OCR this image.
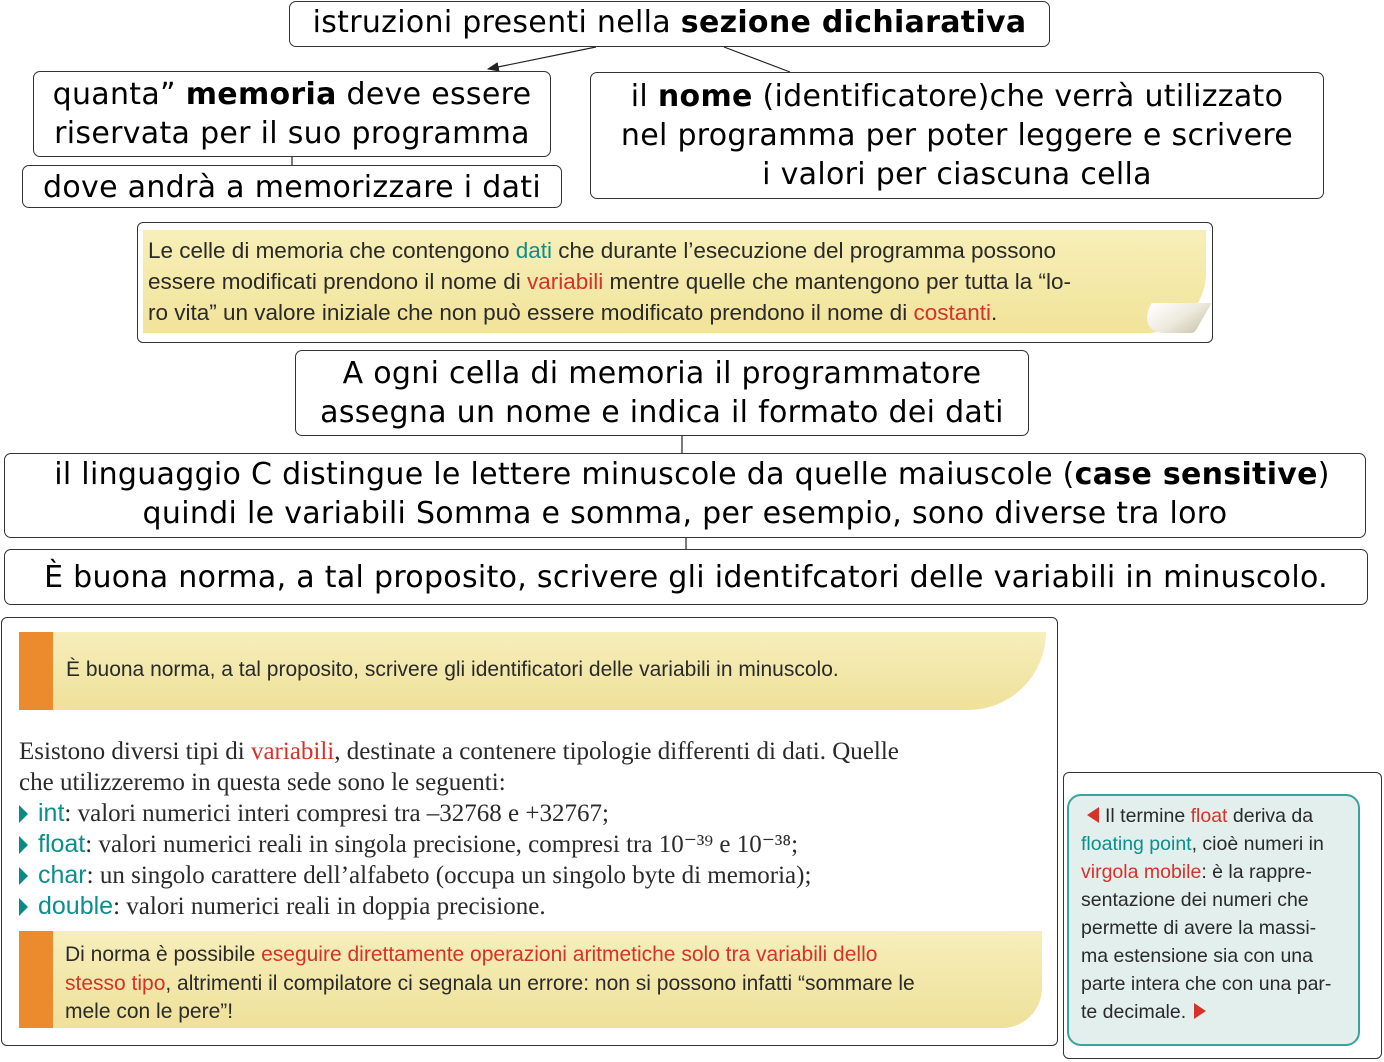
istruzioni presenti nella sezione dichiarativa
quanta” memoria deve essere
riservata per il suo programma
dove andrà a memorizzare i dati
il nome (identificatore)che verrà utilizzato
nel programma per poter leggere e scrivere
i valori per ciascuna cella
Le celle di memoria che contengono dati che durante l’esecuzione del programma possono
essere modificati prendono il nome di variabili mentre quelle che mantengono per tutta la “lo-
ro vita” un valore iniziale che non può essere modificato prendono il nome di costanti.
A ogni cella di memoria il programmatore
assegna un nome e indica il formato dei dati
il linguaggio C distingue le lettere minuscole da quelle maiuscole (case sensitive)
quindi le variabili Somma e somma, per esempio, sono diverse tra loro
È buona norma, a tal proposito, scrivere gli identifcatori delle variabili in minuscolo.
È buona norma, a tal proposito, scrivere gli identificatori delle variabili in minuscolo.
Esistono diversi tipi di variabili, destinate a contenere tipologie differenti di dati. Quelle
che utilizzeremo in questa sede sono le seguenti:
int: valori numerici interi compresi tra –32768 e +32767;
float: valori numerici reali in singola precisione, compresi tra 10⁻³⁹ e 10⁻³⁸;
char: un singolo carattere dell’alfabeto (occupa un singolo byte di memoria);
double: valori numerici reali in doppia precisione.
Di norma è possibile eseguire direttamente operazioni aritmetiche solo tra variabili dello
stesso tipo, altrimenti il compilatore ci segnala un errore: non si possono infatti “sommare le
mele con le pere”!
Il termine float deriva da
floating point, cioè numeri in
virgola mobile: è la rappre-
sentazione dei numeri che
permette di avere la massi-
ma estensione sia con una
parte intera che con una par-
te decimale.
